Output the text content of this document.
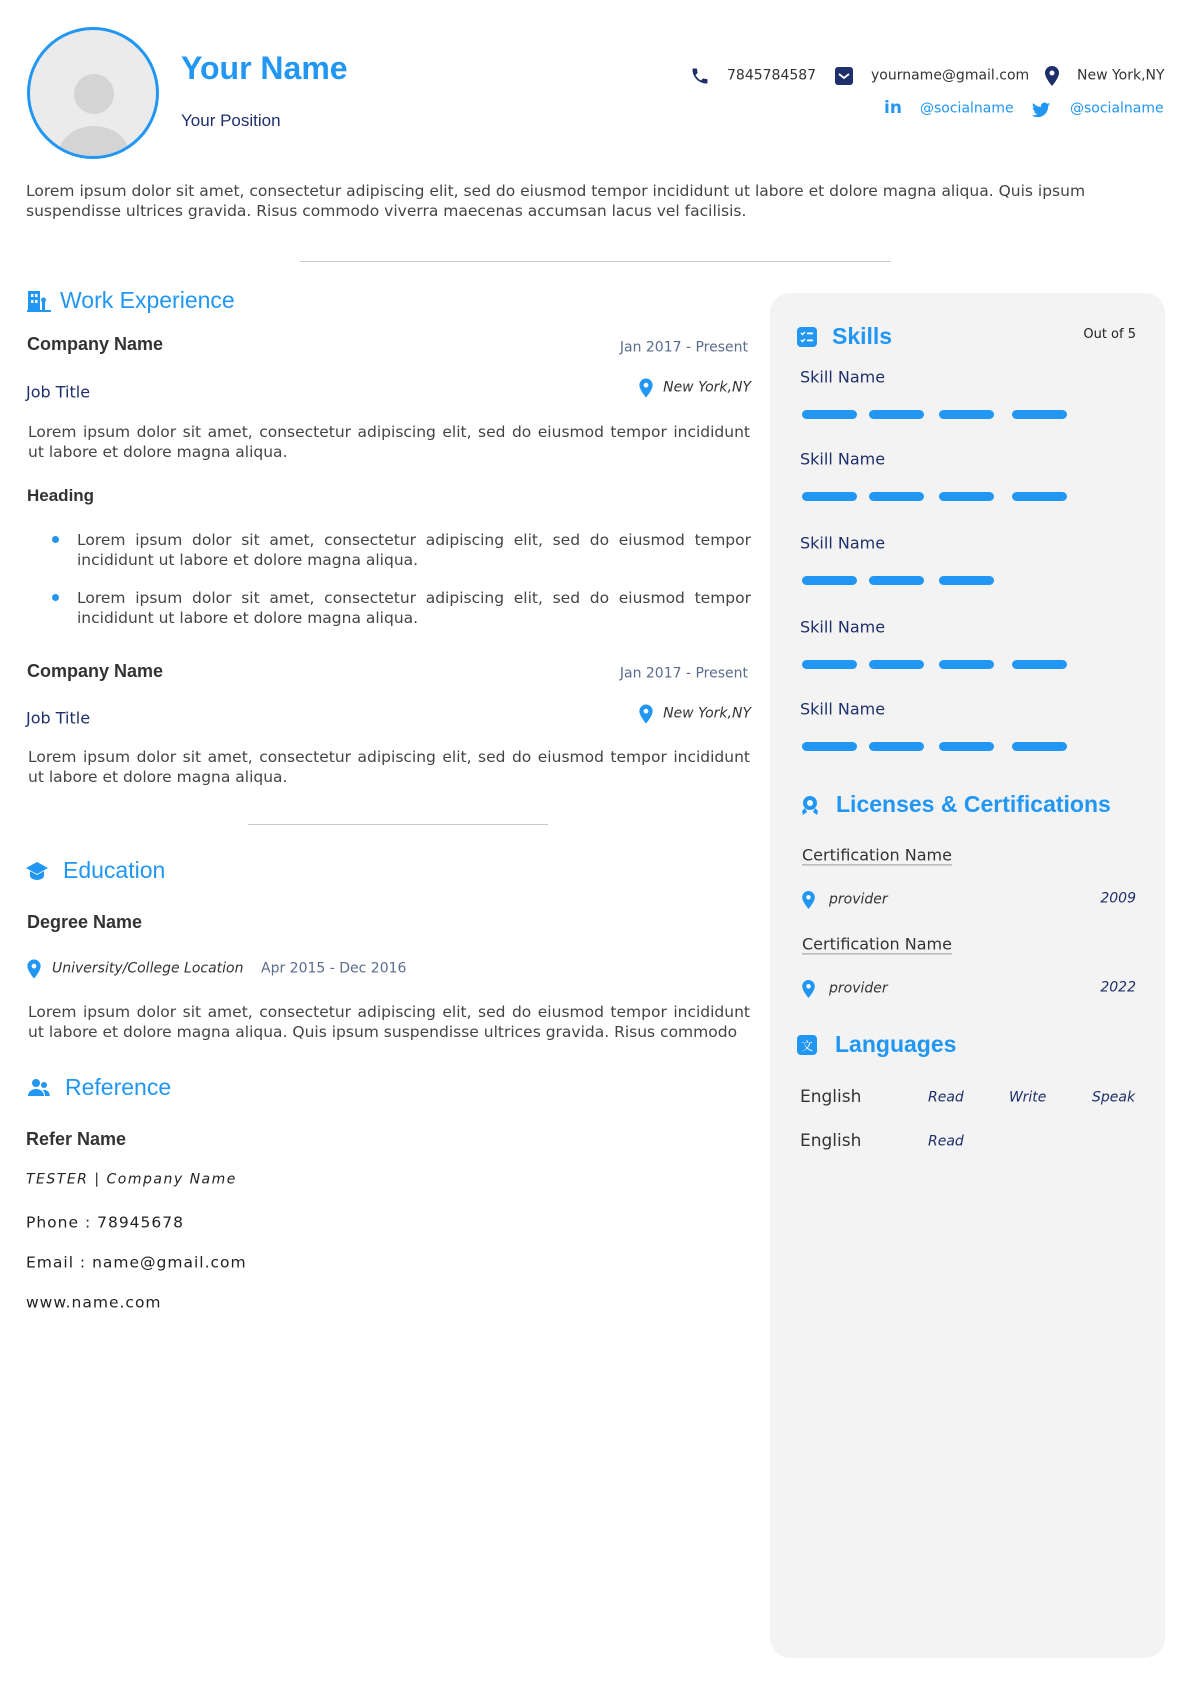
Your Name
Your Position
7845784587	yourname@gmail.com	New York,NY
in @socialname	@socialname
Lorem ipsum dolor sit amet, consectetur adipiscing elit, sed do eiusmod tempor incididunt ut labore et dolore magna aliqua. Quis ipsum suspendisse ultrices gravida. Risus commodo viverra maecenas accumsan lacus vel facilisis.
Work Experience
Company Name	Jan 2017 - Present
Job Title	New York,NY
Lorem ipsum dolor sit amet, consectetur adipiscing elit, sed do eiusmod tempor incididunt ut labore et dolore magna aliqua.
Heading
Lorem ipsum dolor sit amet, consectetur adipiscing elit, sed do eiusmod tempor incididunt ut labore et dolore magna aliqua.
Lorem ipsum dolor sit amet, consectetur adipiscing elit, sed do eiusmod tempor incididunt ut labore et dolore magna aliqua.
Company Name	Jan 2017 - Present
Job Title	New York,NY
Lorem ipsum dolor sit amet, consectetur adipiscing elit, sed do eiusmod tempor incididunt ut labore et dolore magna aliqua.
Education
Degree Name
University/College Location Apr 2015 - Dec 2016
Lorem ipsum dolor sit amet, consectetur adipiscing elit, sed do eiusmod tempor incididunt ut labore et dolore magna aliqua. Quis ipsum suspendisse ultrices gravida. Risus commodo
Reference
Refer Name
TESTER | Company Name
Phone : 78945678
Email : name@gmail.com
www.name.com
Skills	Out of 5
Skill Name
Skill Name
Skill Name
Skill Name
Skill Name
Licenses & Certifications
Certification Name
provider	2009
Certification Name
provider	2022
文 Languages
English	Read	Write	Speak
English	Read
